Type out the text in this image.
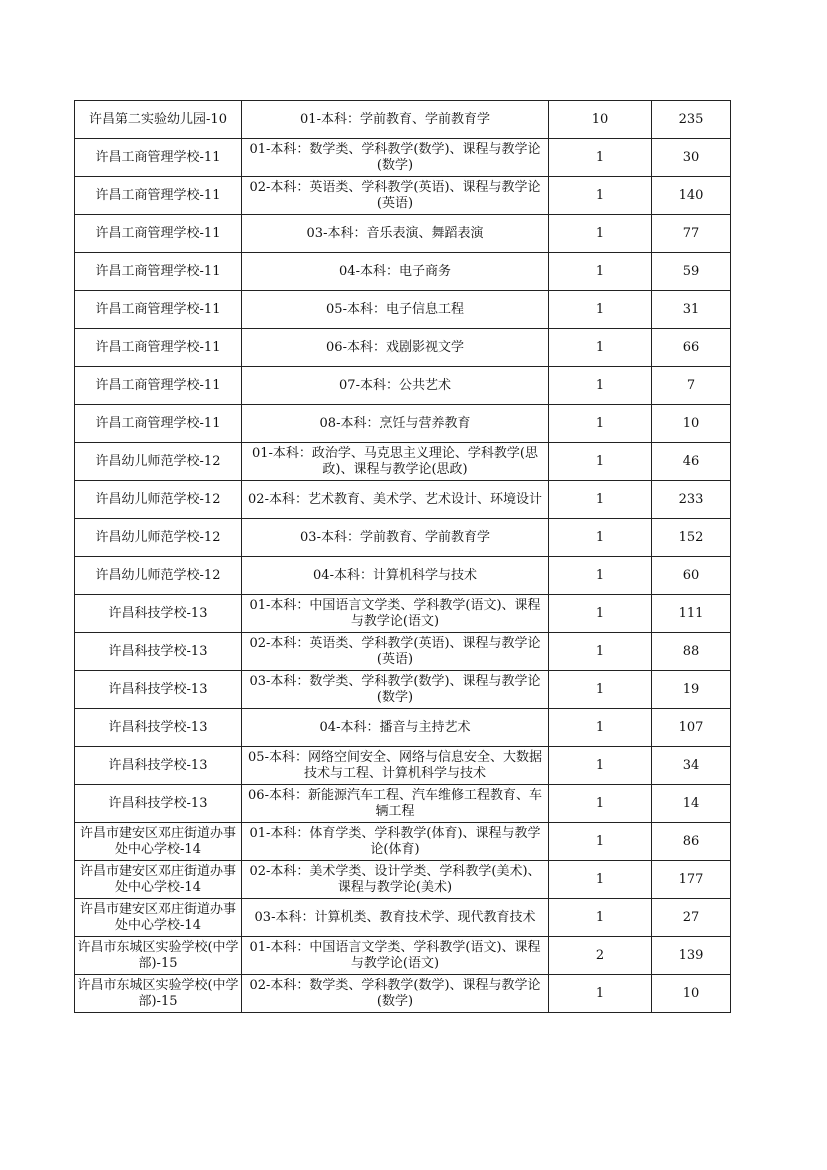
许昌第二实验幼儿园-10	01-本科：学前教育、学前教育学	10	235
许昌工商管理学校-11	01-本科：数学类、学科教学(数学)、课程与教学论(数学)	1	30
许昌工商管理学校-11	02-本科：英语类、学科教学(英语)、课程与教学论(英语)	1	140
许昌工商管理学校-11	03-本科：音乐表演、舞蹈表演	1	77
许昌工商管理学校-11	04-本科：电子商务	1	59
许昌工商管理学校-11	05-本科：电子信息工程	1	31
许昌工商管理学校-11	06-本科：戏剧影视文学	1	66
许昌工商管理学校-11	07-本科：公共艺术	1	7
许昌工商管理学校-11	08-本科：烹饪与营养教育	1	10
许昌幼儿师范学校-12	01-本科：政治学、马克思主义理论、学科教学(思政)、课程与教学论(思政)	1	46
许昌幼儿师范学校-12	02-本科：艺术教育、美术学、艺术设计、环境设计	1	233
许昌幼儿师范学校-12	03-本科：学前教育、学前教育学	1	152
许昌幼儿师范学校-12	04-本科：计算机科学与技术	1	60
许昌科技学校-13	01-本科：中国语言文学类、学科教学(语文)、课程与教学论(语文)	1	111
许昌科技学校-13	02-本科：英语类、学科教学(英语)、课程与教学论(英语)	1	88
许昌科技学校-13	03-本科：数学类、学科教学(数学)、课程与教学论(数学)	1	19
许昌科技学校-13	04-本科：播音与主持艺术	1	107
许昌科技学校-13	05-本科：网络空间安全、网络与信息安全、大数据技术与工程、计算机科学与技术	1	34
许昌科技学校-13	06-本科：新能源汽车工程、汽车维修工程教育、车辆工程	1	14
许昌市建安区邓庄街道办事处中心学校-14	01-本科：体育学类、学科教学(体育)、课程与教学论(体育)	1	86
许昌市建安区邓庄街道办事处中心学校-14	02-本科：美术学类、设计学类、学科教学(美术)、课程与教学论(美术)	1	177
许昌市建安区邓庄街道办事处中心学校-14	03-本科：计算机类、教育技术学、现代教育技术	1	27
许昌市东城区实验学校(中学部)-15	01-本科：中国语言文学类、学科教学(语文)、课程与教学论(语文)	2	139
许昌市东城区实验学校(中学部)-15	02-本科：数学类、学科教学(数学)、课程与教学论(数学)	1	10
